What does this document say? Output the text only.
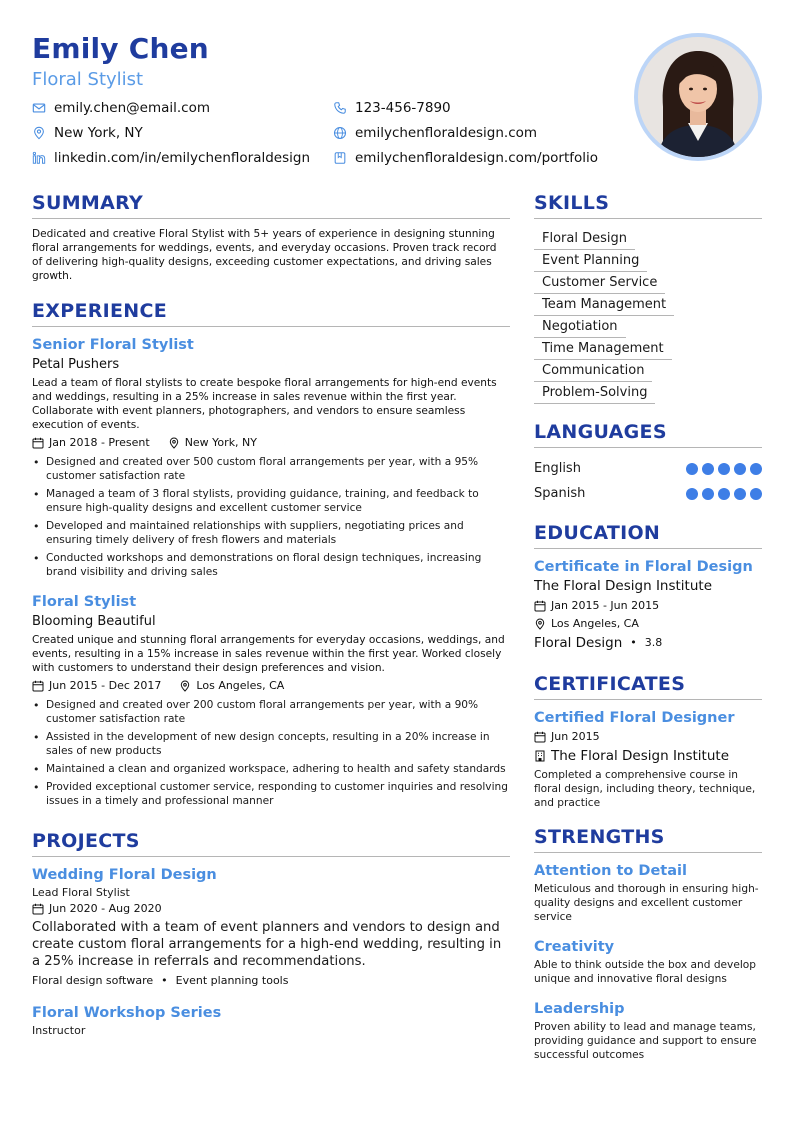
Emily Chen
Floral Stylist
emily.chen@email.com	123-456-7890
New York, NY	emilychenfloraldesign.com
linkedin.com/in/emilychenfloraldesign	emilychenfloraldesign.com/portfolio
SUMMARY
Dedicated and creative Floral Stylist with 5+ years of experience in designing stunning floral arrangements for weddings, events, and everyday occasions. Proven track record of delivering high-quality designs, exceeding customer expectations, and driving sales growth.
EXPERIENCE
Senior Floral Stylist
Petal Pushers
Lead a team of floral stylists to create bespoke floral arrangements for high-end events and weddings, resulting in a 25% increase in sales revenue within the first year. Collaborate with event planners, photographers, and vendors to ensure seamless execution of events.
Jan 2018 - Present	New York, NY
• Designed and created over 500 custom floral arrangements per year, with a 95% customer satisfaction rate
• Managed a team of 3 floral stylists, providing guidance, training, and feedback to ensure high-quality designs and excellent customer service
• Developed and maintained relationships with suppliers, negotiating prices and ensuring timely delivery of fresh flowers and materials
• Conducted workshops and demonstrations on floral design techniques, increasing brand visibility and driving sales
Floral Stylist
Blooming Beautiful
Created unique and stunning floral arrangements for everyday occasions, weddings, and events, resulting in a 15% increase in sales revenue within the first year. Worked closely with customers to understand their design preferences and vision.
Jun 2015 - Dec 2017	Los Angeles, CA
• Designed and created over 200 custom floral arrangements per year, with a 90% customer satisfaction rate
• Assisted in the development of new design concepts, resulting in a 20% increase in sales of new products
• Maintained a clean and organized workspace, adhering to health and safety standards
• Provided exceptional customer service, responding to customer inquiries and resolving issues in a timely and professional manner
PROJECTS
Wedding Floral Design
Lead Floral Stylist
Jun 2020 - Aug 2020
Collaborated with a team of event planners and vendors to design and create custom floral arrangements for a high-end wedding, resulting in a 25% increase in referrals and recommendations.
Floral design software • Event planning tools
Floral Workshop Series
Instructor
SKILLS
Floral Design
Event Planning
Customer Service
Team Management
Negotiation
Time Management
Communication
Problem-Solving
LANGUAGES
English
Spanish
EDUCATION
Certificate in Floral Design
The Floral Design Institute
Jan 2015 - Jun 2015
Los Angeles, CA
Floral Design • 3.8
CERTIFICATES
Certified Floral Designer
Jun 2015
The Floral Design Institute
Completed a comprehensive course in floral design, including theory, technique, and practice
STRENGTHS
Attention to Detail
Meticulous and thorough in ensuring high-quality designs and excellent customer service
Creativity
Able to think outside the box and develop unique and innovative floral designs
Leadership
Proven ability to lead and manage teams, providing guidance and support to ensure successful outcomes
